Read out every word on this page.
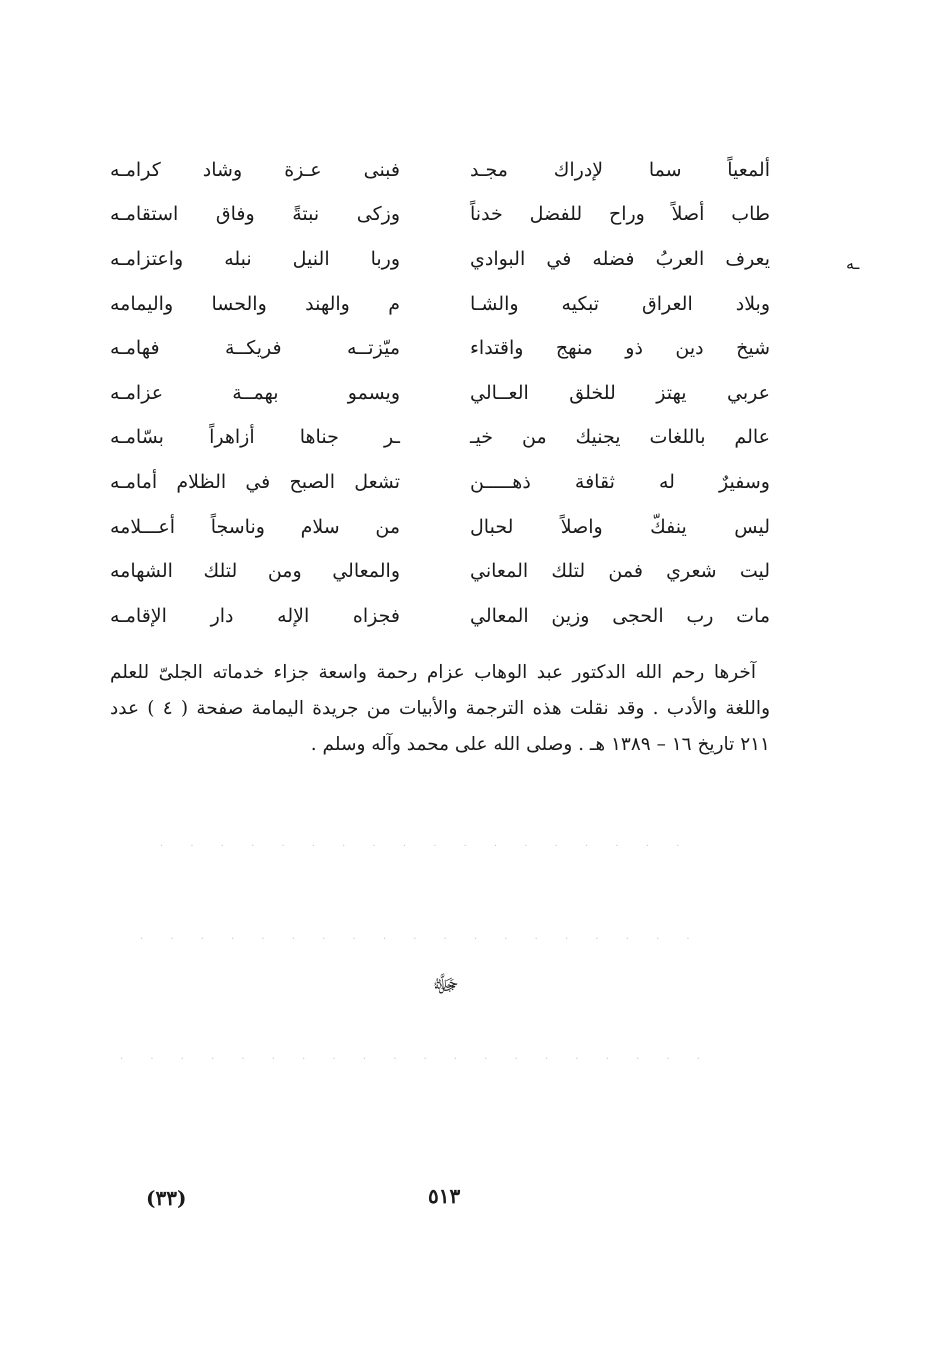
ـه
ألمعياً سما لإدراك مجـد
فبنى عـزة وشاد كرامـه
طاب أصلاً وراح للفضل خدناً
وزكى نبتةً وفاق استقامـه
يعرف العربُ فضله في البوادي
وربا النيل نبله واعتزامـه
وبلاد العراق تبكيه والشـا
م والهند والحسا واليمامه
شيخ دين ذو منهج واقتداء
ميّزتــه فريكــة فهامـه
عربي يهتز للخلق العــالي
ويسمو بهمــة عزامـه
عالم باللغات يجنيك من خيـ
ـر جناها أزاهراً بسّامـه
وسفيرٌ له ثقافة ذهـــــن
تشعل الصبح في الظلام أمامـه
ليس ينفكّ واصلاً لحبال
من سلام وناسجاً أعـــلامه
ليت شعري فمن لتلك المعاني
والمعالي ومن لتلك الشهامه
مات رب الحجى وزين المعالي
فجزاه الإله دار الإقامـه

آخرها رحم الله الدكتور عبد الوهاب عزام رحمة واسعة جزاء خدماته الجلىّ للعلم واللغة والأدب . وقد نقلت هذه الترجمة والأبيات من جريدة اليمامة صفحة ( ٤ ) عدد ٢١١ تاريخ ١٦ – ١٣٨٩ هـ . وصلى الله على محمد وآله وسلم .

· · · · · · · · · · · · · · · · · ·
· · · · · · · · · · · · · · · · · · ·
· · · · · · · · · · · · · · · · · · · ·
ﷻ
(٣٣)	٥١٣
